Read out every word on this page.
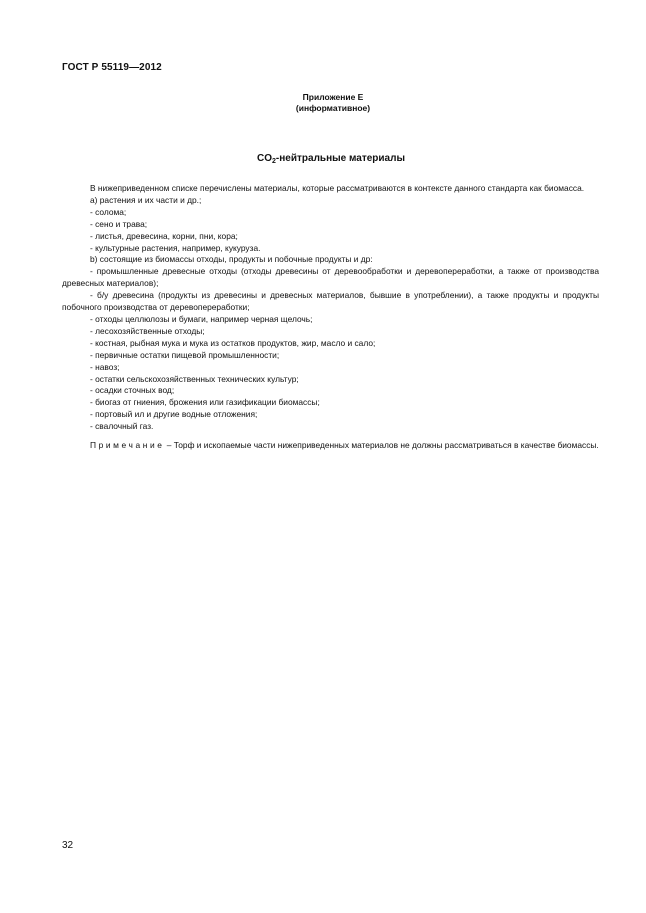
ГОСТ Р 55119—2012
Приложение Е
(информативное)
$CO_2$-нейтральные материалы

В нижеприведенном списке перечислены материалы, которые рассматриваются в контексте данного стандарта как биомасса.

а) растения и их части и др.;

- солома;

- сено и трава;

- листья, древесина, корни, пни, кора;

- культурные растения, например, кукуруза.

b) состоящие из биомассы отходы, продукты и побочные продукты и др:

- промышленные древесные отходы (отходы древесины от деревообработки и деревопереработки, а также от производства древесных материалов);

- б/у древесина (продукты из древесины и древесных материалов, бывшие в употреблении), а также продукты и продукты побочного производства от деревопереработки;

- отходы целлюлозы и бумаги, например черная щелочь;

- лесохозяйственные отходы;

- костная, рыбная мука и мука из остатков продуктов, жир, масло и сало;

- первичные остатки пищевой промышленности;

- навоз;

- остатки сельскохозяйственных технических культур;

- осадки сточных вод;

- биогаз от гниения, брожения или газификации биомассы;

- портовый ил и другие водные отложения;

- свалочный газ.

Примечание – Торф и ископаемые части нижеприведенных материалов не должны рассматриваться в качестве биомассы.

32
